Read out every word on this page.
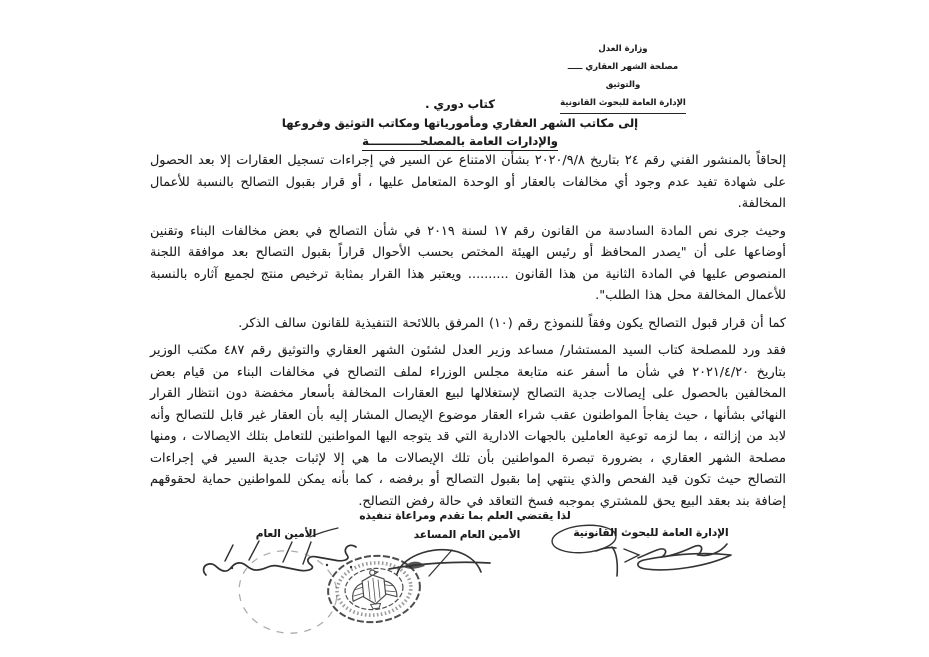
وزارة العدل
مصلحة الشهر العقاري ـــــ والتوثيق
الإدارة العامة للبحوث القانونية
كتاب دوري .
إلى مكاتب الشهر العقاري ومأمورياتها ومكاتب التوثيق وفروعها
والإدارات العامة بالمصلحـــــــــــــة

إلحاقاً بالمنشور الفني رقم ٢٤ بتاريخ ٢٠٢٠/٩/٨ بشأن الامتناع عن السير في إجراءات تسجيل العقارات إلا بعد الحصول على شهادة تفيد عدم وجود أي مخالفات بالعقار أو الوحدة المتعامل عليها ، أو قرار بقبول التصالح بالنسبة للأعمال المخالفة.

وحيث جرى نص المادة السادسة من القانون رقم ١٧ لسنة ٢٠١٩ في شأن التصالح في بعض مخالفات البناء وتقنين أوضاعها على أن "يصدر المحافظ أو رئيس الهيئة المختص بحسب الأحوال قراراً بقبول التصالح بعد موافقة اللجنة المنصوص عليها في المادة الثانية من هذا القانون .......... ويعتبر هذا القرار بمثابة ترخيص منتج لجميع آثاره بالنسبة للأعمال المخالفة محل هذا الطلب".

كما أن قرار قبول التصالح يكون وفقاً للنموذج رقم (١٠) المرفق باللائحة التنفيذية للقانون سالف الذكر.

فقد ورد للمصلحة كتاب السيد المستشار/ مساعد وزير العدل لشئون الشهر العقاري والتوثيق رقم ٤٨٧ مكتب الوزير بتاريخ ٢٠٢١/٤/٢٠ في شأن ما أسفر عنه متابعة مجلس الوزراء لملف التصالح في مخالفات البناء من قيام بعض المخالفين بالحصول على إيصالات جدية التصالح لإستغلالها لبيع العقارات المخالفة بأسعار مخفضة دون انتظار القرار النهائي بشأنها ، حيث يفاجأ المواطنون عقب شراء العقار موضوع الإيصال المشار إليه بأن العقار غير قابل للتصالح وأنه لابد من إزالته ، بما لزمه توعية العاملين بالجهات الادارية التي قد يتوجه اليها المواطنين للتعامل بتلك الايصالات ، ومنها مصلحة الشهر العقاري ، بضرورة تبصرة المواطنين بأن تلك الإيصالات ما هي إلا لإثبات جدية السير في إجراءات التصالح حيث تكون قيد الفحص والذي ينتهي إما بقبول التصالح أو برفضه ، كما بأنه يمكن للمواطنين حماية لحقوقهم إضافة بند بعقد البيع يحق للمشتري بموجبه فسخ التعاقد في حالة رفض التصالح.

لذا يقتضي العلم بما تقدم ومراعاة تنفيذه
الإدارة العامة للبحوث القانونية
الأمين العام المساعد
الأمين العام
